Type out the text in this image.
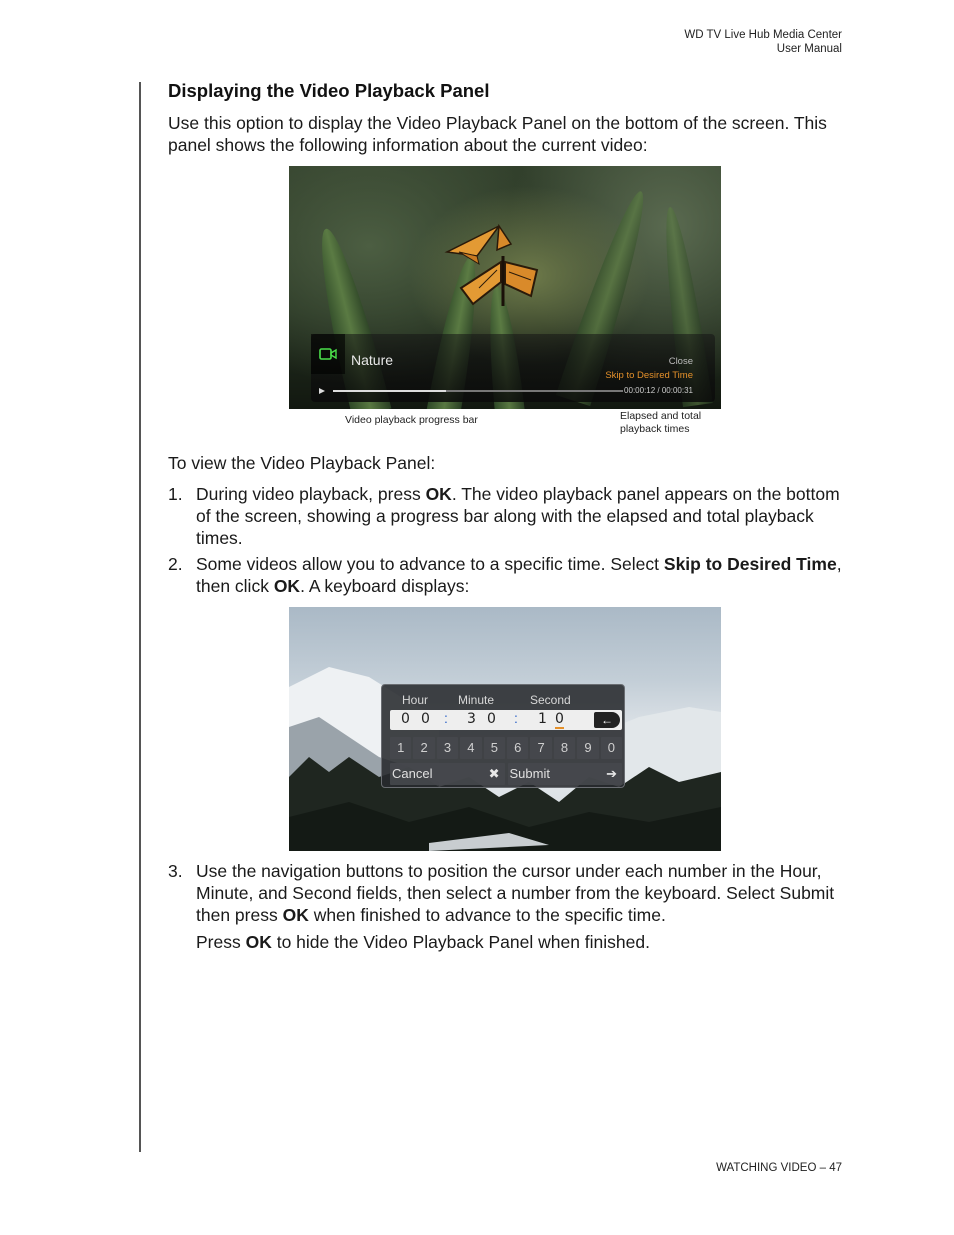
WD TV Live Hub Media Center
User Manual
Displaying the Video Playback Panel

Use this option to display the Video Playback Panel on the bottom of the screen. This panel shows the following information about the current video:

Nature	Close
Skip to Desired Time
00:00:12 / 00:00:31
Video playback progress bar	Elapsed and total
playback times

To view the Video Playback Panel:

1. During video playback, press OK. The video playback panel appears on the bottom of the screen, showing a progress bar along with the elapsed and total playback times.
2. Some videos allow you to advance to a specific time. Select Skip to Desired Time, then click OK. A keyboard displays:
Hour Minute	Second
0 0 : 3 0 : 1 0	←
1	2	3	4	5	6	7	8	9	0
Cancel	✖ Submit	➔
3. Use the navigation buttons to position the cursor under each number in the Hour, Minute, and Second fields, then select a number from the keyboard. Select Submit then press OK when finished to advance to the specific time.
Press OK to hide the Video Playback Panel when finished.
WATCHING VIDEO – 47
